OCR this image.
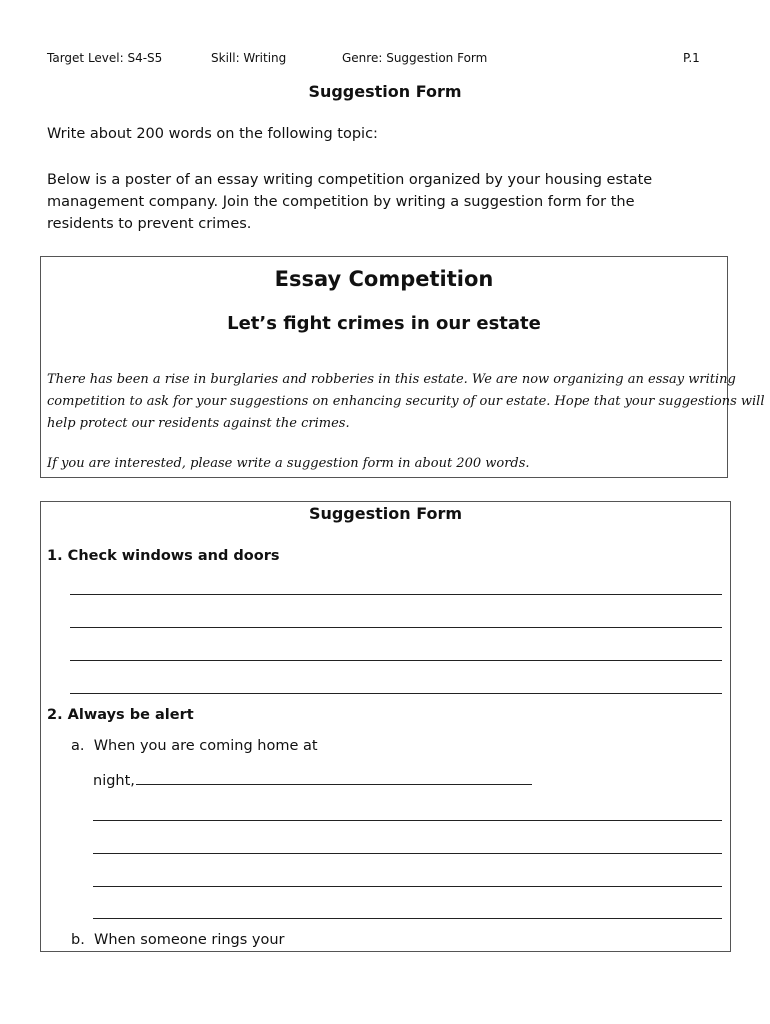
Target Level: S4-S5	Skill: Writing	Genre: Suggestion Form	P.1
Suggestion Form
Write about 200 words on the following topic:
Below is a poster of an essay writing competition organized by your housing estate
management company. Join the competition by writing a suggestion form for the
residents to prevent crimes.
Essay Competition
Let’s fight crimes in our estate
There has been a rise in burglaries and robberies in this estate. We are now organizing an essay writing
competition to ask for your suggestions on enhancing security of our estate. Hope that your suggestions will
help protect our residents against the crimes.
If you are interested, please write a suggestion form in about 200 words.
Suggestion Form
1. Check windows and doors
2. Always be alert
a. When you are coming home at
night,
b. When someone rings your
